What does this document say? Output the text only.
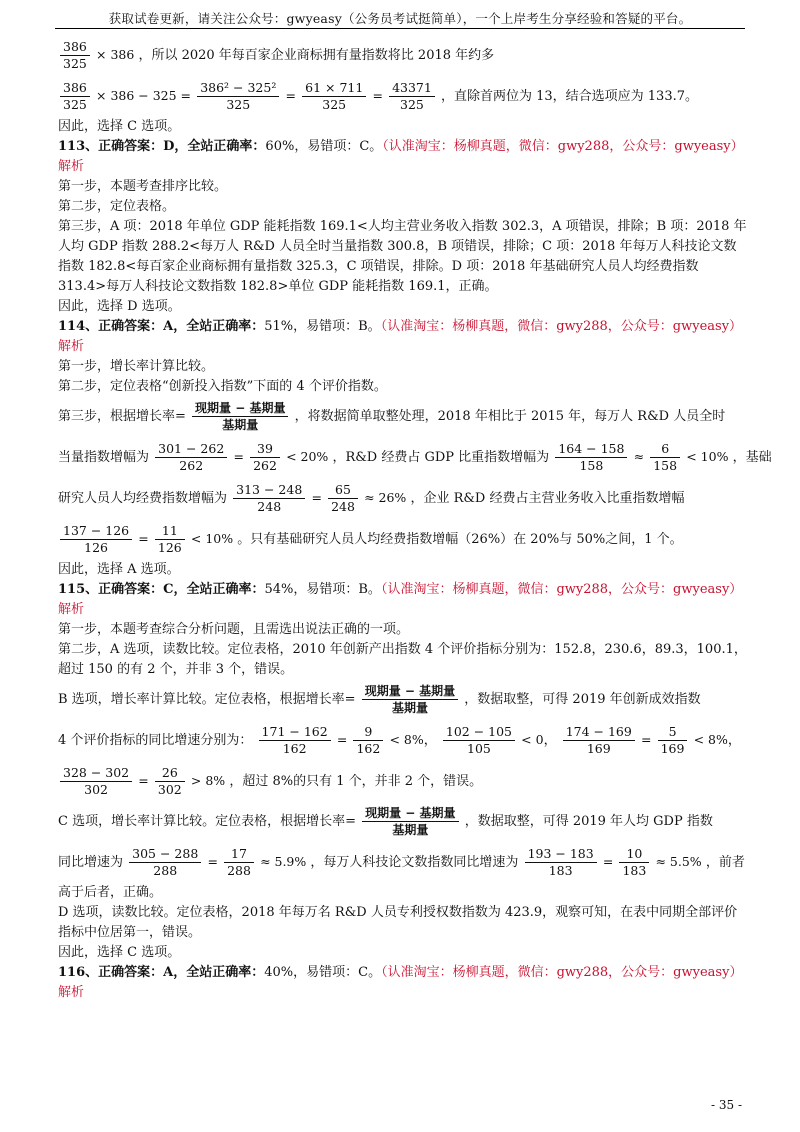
获取试卷更新，请关注公众号：gwyeasy（公务员考试挺简单），一个上岸考生分享经验和答疑的平台。
$\frac{386}{325} \times 386$ ，所以 2020 年每百家企业商标拥有量指数将比 2018 年约多
$\frac{386}{325} \times 386 - 325 = \frac{\text{386² − 325²}}{325} = \frac{61 \times 711}{325} = \frac{43371}{325}$ ，直除首两位为 13，结合选项应为 133.7。
因此，选择 C 选项。
113、正确答案：D，全站正确率：60%，易错项：C。（认准淘宝：杨柳真题，微信：gwy288，公众号：gwyeasy）
解析
第一步，本题考查排序比较。
第二步，定位表格。
第三步，A 项：2018 年单位 GDP 能耗指数 169.1<人均主营业务收入指数 302.3，A 项错误，排除；B 项：2018 年人均 GDP 指数 288.2<每万人 R&D 人员全时当量指数 300.8，B 项错误，排除；C 项：2018 年每万人科技论文数指数 182.8<每百家企业商标拥有量指数 325.3，C 项错误，排除。D 项：2018 年基础研究人员人均经费指数 313.4>每万人科技论文数指数 182.8>单位 GDP 能耗指数 169.1，正确。
因此，选择 D 选项。
114、正确答案：A，全站正确率：51%，易错项：B。（认准淘宝：杨柳真题，微信：gwy288，公众号：gwyeasy）
解析
第一步，增长率计算比较。
第二步，定位表格“创新投入指数”下面的 4 个评价指数。
第三步，根据增长率= $\frac{\text{现期量 − 基期量}}{\text{基期量}}$ ，将数据简单取整处理，2018 年相比于 2015 年，每万人 R&D 人员全时
当量指数增幅为 $\frac{301 - 262}{262} = \frac{39}{262} < 20\%$ ，R&D 经费占 GDP 比重指数增幅为 $\frac{164 - 158}{158} \approx \frac{6}{158} < 10\%$ ，基础
研究人员人均经费指数增幅为 $\frac{313 - 248}{248} = \frac{65}{248} \approx 26\%$ ，企业 R&D 经费占主营业务收入比重指数增幅
$\frac{137 - 126}{126} = \frac{11}{126} < 10\%$ 。只有基础研究人员人均经费指数增幅（26%）在 20%与 50%之间，1 个。
因此，选择 A 选项。
115、正确答案：C，全站正确率：54%，易错项：B。（认准淘宝：杨柳真题，微信：gwy288，公众号：gwyeasy）
解析
第一步，本题考查综合分析问题，且需选出说法正确的一项。
第二步，A 选项，读数比较。定位表格，2010 年创新产出指数 4 个评价指标分别为：152.8，230.6，89.3，100.1，超过 150 的有 2 个，并非 3 个，错误。
B 选项，增长率计算比较。定位表格，根据增长率= $\frac{\text{现期量 − 基期量}}{\text{基期量}}$ ，数据取整，可得 2019 年创新成效指数
4 个评价指标的同比增速分别为： $\frac{171 - 162}{162} = \frac{9}{162} < 8\%$， $\frac{102 - 105}{105} < 0$， $\frac{174 - 169}{169} = \frac{5}{169} < 8\%$，
$\frac{328 - 302}{302} = \frac{26}{302} > 8\%$ ，超过 8%的只有 1 个，并非 2 个，错误。
C 选项，增长率计算比较。定位表格，根据增长率= $\frac{\text{现期量 − 基期量}}{\text{基期量}}$ ，数据取整，可得 2019 年人均 GDP 指数
同比增速为 $\frac{305 - 288}{288} = \frac{17}{288} \approx 5.9\%$ ，每万人科技论文数指数同比增速为 $\frac{193 - 183}{183} = \frac{10}{183} \approx 5.5\%$ ，前者
高于后者，正确。
D 选项，读数比较。定位表格，2018 年每万名 R&D 人员专利授权数指数为 423.9，观察可知，在表中同期全部评价指标中位居第一，错误。
因此，选择 C 选项。
116、正确答案：A，全站正确率：40%，易错项：C。（认准淘宝：杨柳真题，微信：gwy288，公众号：gwyeasy）
解析
- 35 -
